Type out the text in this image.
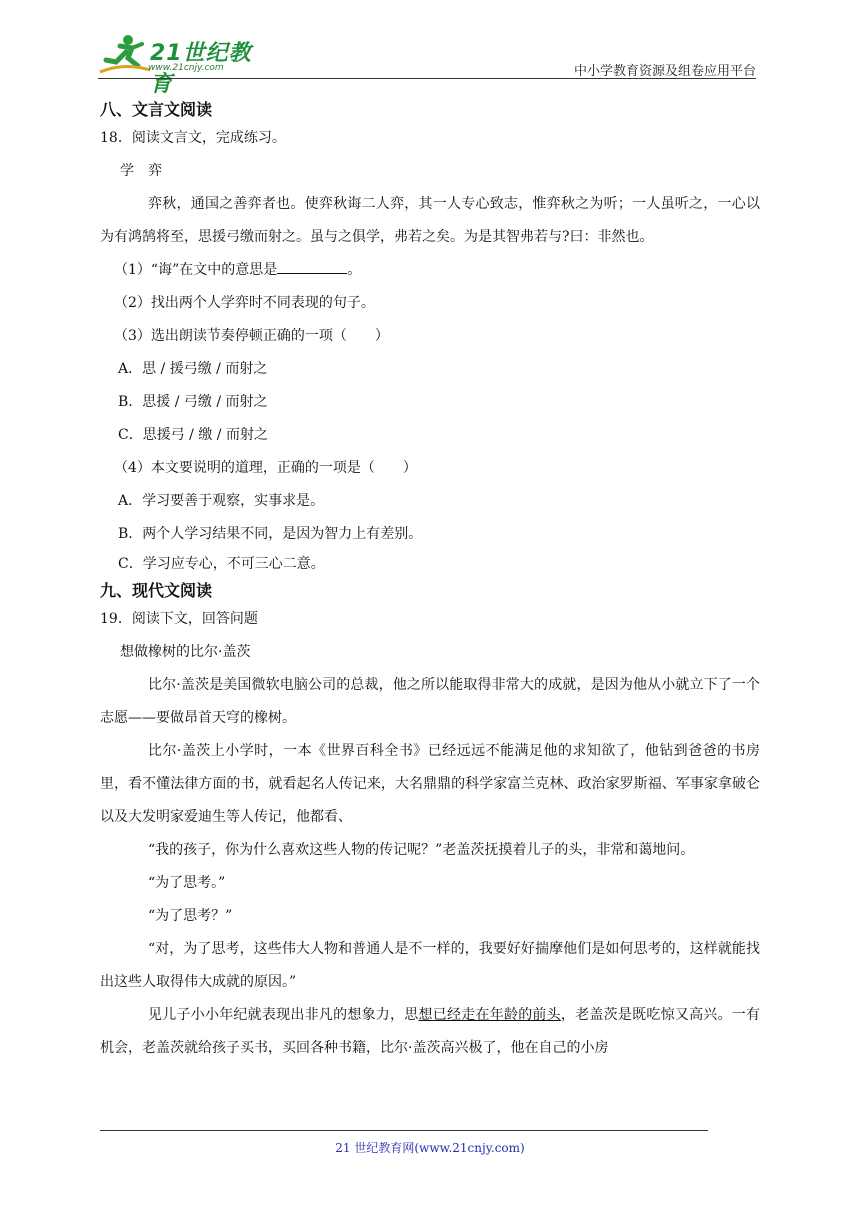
21世纪教育
www.21cnjy.com	中小学教育资源及组卷应用平台
八、文言文阅读
18．阅读文言文，完成练习。
学　弈
弈秋，通国之善弈者也。使弈秋诲二人弈，其一人专心致志，惟弈秋之为听；一人虽听之，一心以为有鸿鹄将至，思援弓缴而射之。虽与之俱学，弗若之矣。为是其智弗若与?曰：非然也。
（1）“诲”在文中的意思是	。
（2）找出两个人学弈时不同表现的句子。
（3）选出朗读节奏停顿正确的一项（　　）
A．思 / 援弓缴 / 而射之
B．思援 / 弓缴 / 而射之
C．思援弓 / 缴 / 而射之
（4）本文要说明的道理，正确的一项是（　　）
A．学习要善于观察，实事求是。
B．两个人学习结果不同，是因为智力上有差别。
C．学习应专心，不可三心二意。
九、现代文阅读
19．阅读下文，回答问题
想做橡树的比尔·盖茨
比尔·盖茨是美国微软电脑公司的总裁，他之所以能取得非常大的成就，是因为他从小就立下了一个志愿——要做昂首天穹的橡树。
比尔·盖茨上小学时，一本《世界百科全书》已经远远不能满足他的求知欲了，他钻到爸爸的书房里，看不懂法律方面的书，就看起名人传记来，大名鼎鼎的科学家富兰克林、政治家罗斯福、军事家拿破仑以及大发明家爱迪生等人传记，他都看、
“我的孩子，你为什么喜欢这些人物的传记呢？”老盖茨抚摸着儿子的头，非常和蔼地问。
“为了思考。”
“为了思考？”
“对，为了思考，这些伟大人物和普通人是不一样的，我要好好揣摩他们是如何思考的，这样就能找出这些人取得伟大成就的原因。”
见儿子小小年纪就表现出非凡的想象力，思想已经走在年龄的前头，老盖茨是既吃惊又高兴。一有机会，老盖茨就给孩子买书，买回各种书籍，比尔·盖茨高兴极了，他在自己的小房
21 世纪教育网(www.21cnjy.com)
